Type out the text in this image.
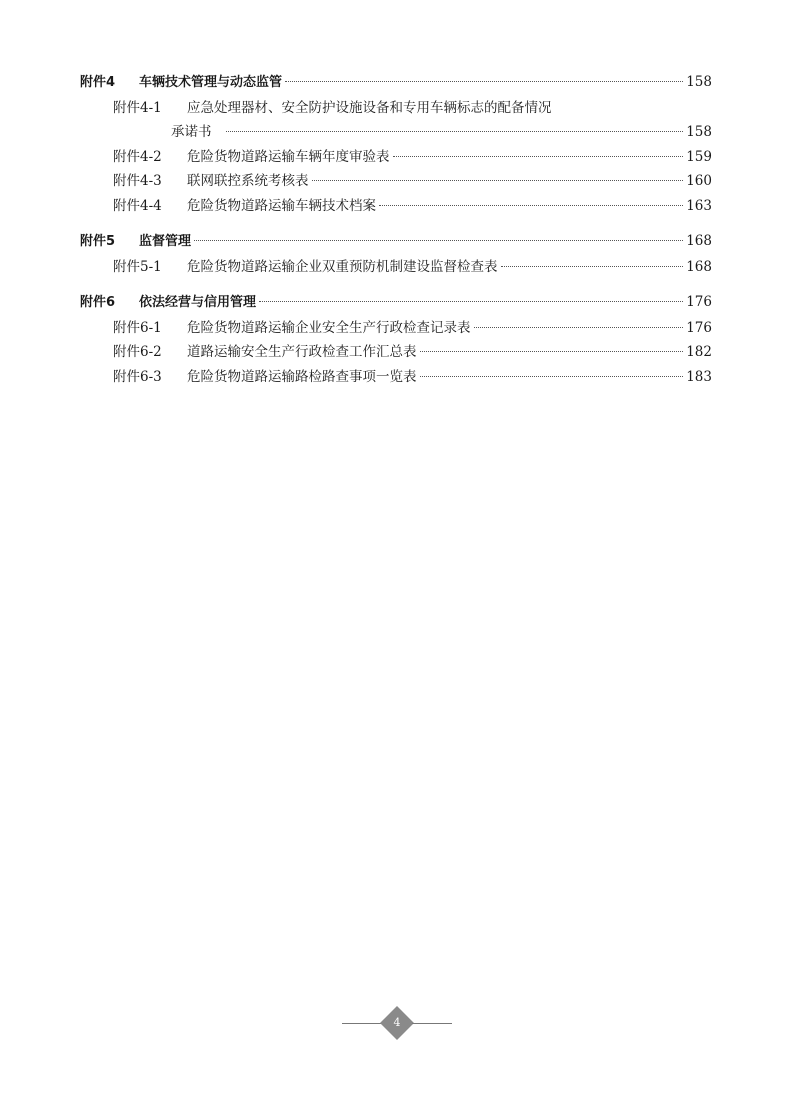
附件4	车辆技术管理与动态监管	158
附件4-1	应急处理器材、安全防护设施设备和专用车辆标志的配备情况
承诺书	158
附件4-2	危险货物道路运输车辆年度审验表	159
附件4-3	联网联控系统考核表	160
附件4-4	危险货物道路运输车辆技术档案	163
附件5	监督管理	168
附件5-1	危险货物道路运输企业双重预防机制建设监督检查表	168
附件6	依法经营与信用管理	176
附件6-1	危险货物道路运输企业安全生产行政检查记录表	176
附件6-2	道路运输安全生产行政检查工作汇总表	182
附件6-3	危险货物道路运输路检路查事项一览表	183
4
